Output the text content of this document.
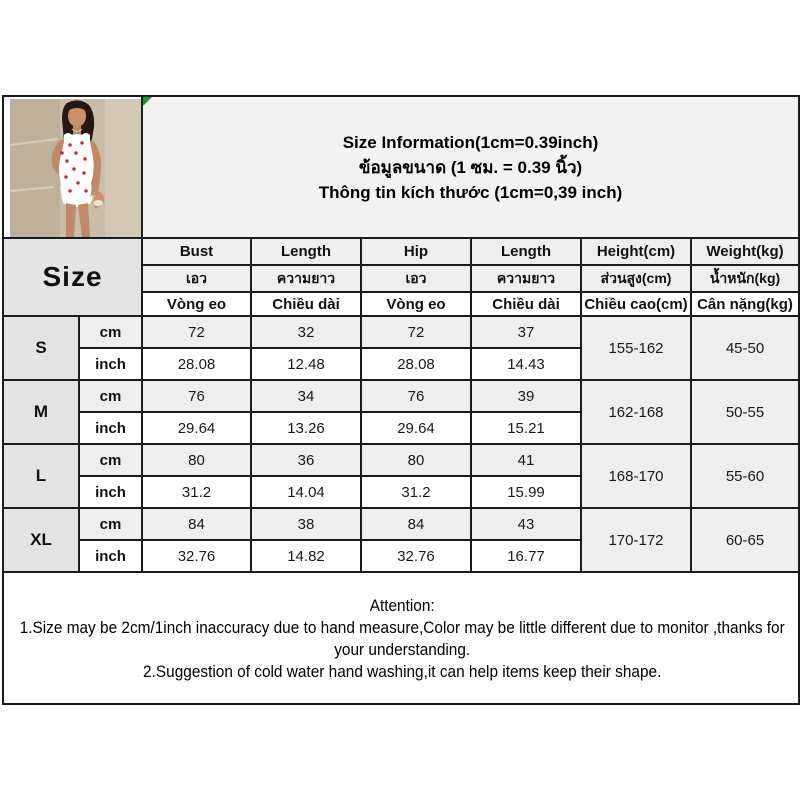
Size Information(1cm=0.39inch)
ข้อมูลขนาด (1 ซม. = 0.39 นิ้ว)
Thông tin kích thước (1cm=0,39 inch)					

Size		Bust	Length	Hip	Length	Height(cm)	Weight(kg)
		เอว	ความยาว	เอว	ความยาว	ส่วนสูง(cm)	น้ำหนัก(kg)
		Vòng eo	Chiều dài	Vòng eo	Chiều dài	Chiều cao(cm)	Cân nặng(kg)
S	cm	72	32	72	37	155-162	45-50
	inch	28.08	12.48	28.08	14.43		
M	cm	76	34	76	39	162-168	50-55
	inch	29.64	13.26	29.64	15.21		
L	cm	80	36	80	41	168-170	55-60
	inch	31.2	14.04	31.2	15.99		
XL	cm	84	38	84	43	170-172	60-65
	inch	32.76	14.82	32.76	16.77		

Attention:

1.Size may be 2cm/1inch inaccuracy due to hand measure,Color may be little different due to monitor ,thanks for your understanding.

2.Suggestion of cold water hand washing,it can help items keep their shape.							
